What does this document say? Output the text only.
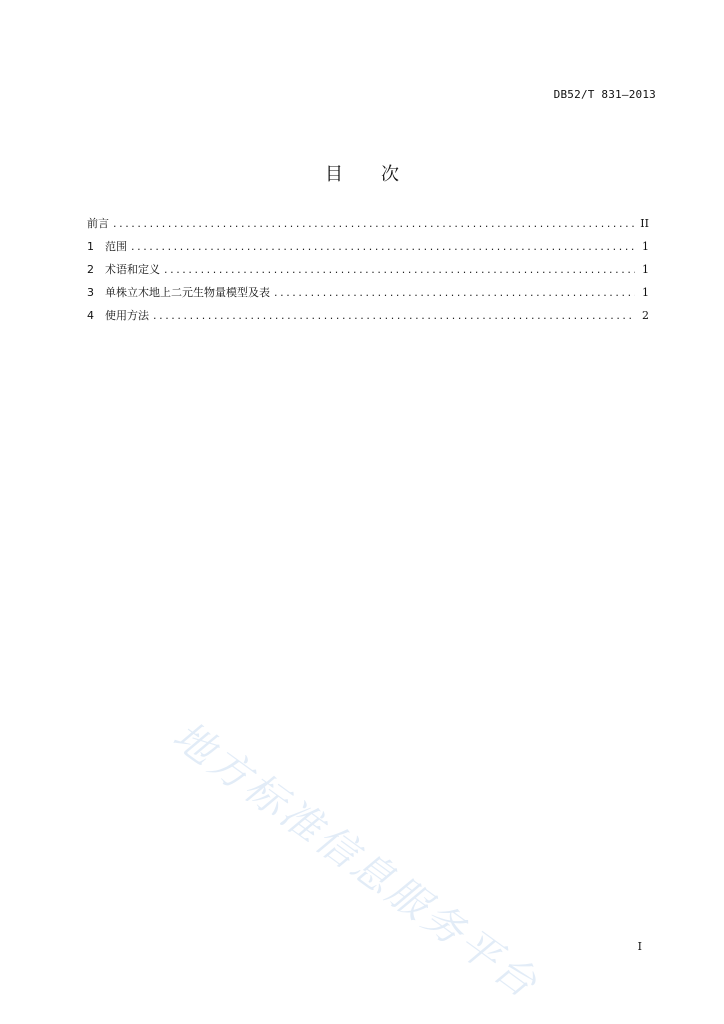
DB52/T 831—2013
目 次
前言 .....	II
1	范围 .....	1
2	术语和定义 .....	1
3	单株立木地上二元生物量模型及表 .....	1
4	使用方法 .....	2
地方标准信息服务平台	I
